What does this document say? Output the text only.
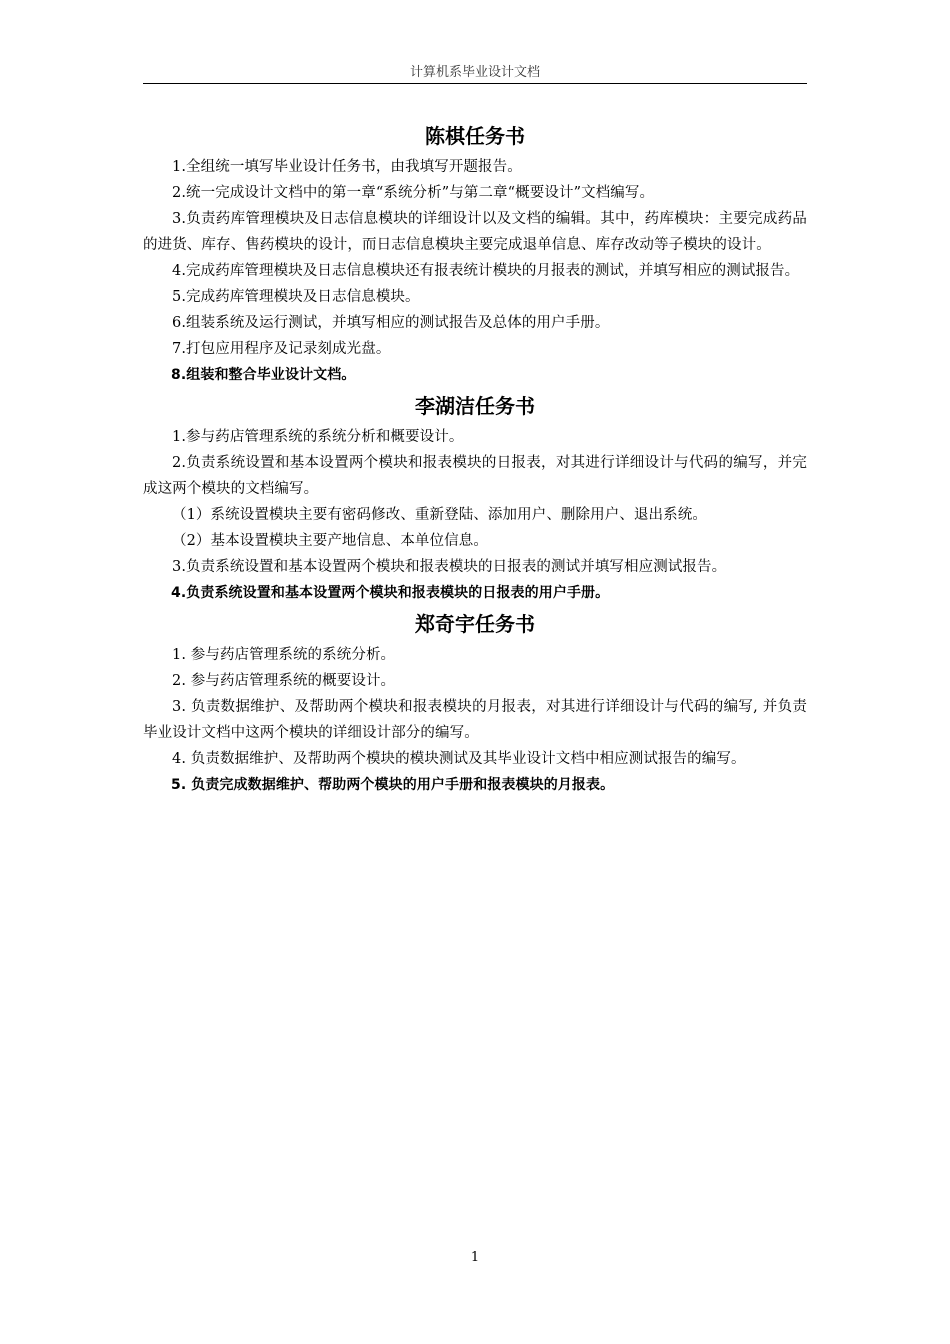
计算机系毕业设计文档
陈棋任务书

1.全组统一填写毕业设计任务书，由我填写开题报告。

2.统一完成设计文档中的第一章“系统分析”与第二章“概要设计”文档编写。

3.负责药库管理模块及日志信息模块的详细设计以及文档的编辑。其中，药库模块：主要完成药品的进货、库存、售药模块的设计，而日志信息模块主要完成退单信息、库存改动等子模块的设计。

4.完成药库管理模块及日志信息模块还有报表统计模块的月报表的测试，并填写相应的测试报告。

5.完成药库管理模块及日志信息模块。

6.组装系统及运行测试，并填写相应的测试报告及总体的用户手册。

7.打包应用程序及记录刻成光盘。

8.组装和整合毕业设计文档。

李湖洁任务书

1.参与药店管理系统的系统分析和概要设计。

2.负责系统设置和基本设置两个模块和报表模块的日报表，对其进行详细设计与代码的编写，并完成这两个模块的文档编写。

（1）系统设置模块主要有密码修改、重新登陆、添加用户、删除用户、退出系统。

（2）基本设置模块主要产地信息、本单位信息。

3.负责系统设置和基本设置两个模块和报表模块的日报表的测试并填写相应测试报告。

4.负责系统设置和基本设置两个模块和报表模块的日报表的用户手册。

郑奇宇任务书

1. 参与药店管理系统的系统分析。

2. 参与药店管理系统的概要设计。

3. 负责数据维护、及帮助两个模块和报表模块的月报表，对其进行详细设计与代码的编写, 并负责毕业设计文档中这两个模块的详细设计部分的编写。

4. 负责数据维护、及帮助两个模块的模块测试及其毕业设计文档中相应测试报告的编写。

5. 负责完成数据维护、帮助两个模块的用户手册和报表模块的月报表。

1
